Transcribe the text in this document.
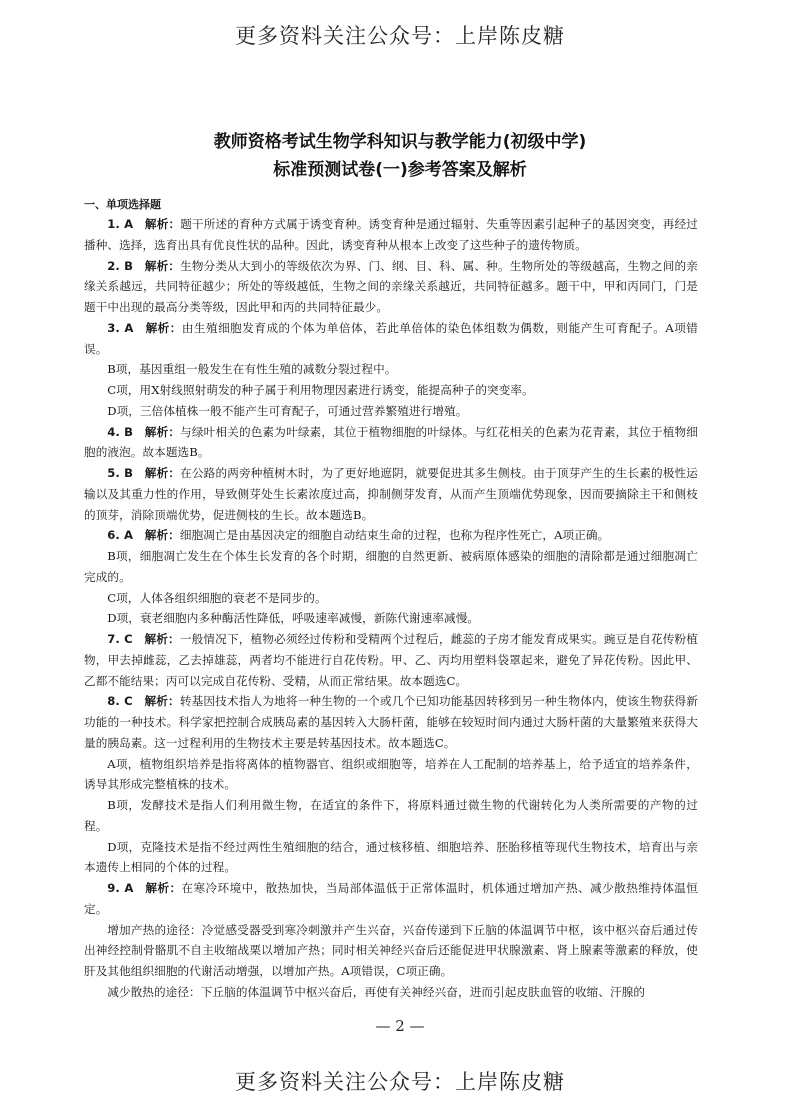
更多资料关注公众号：上岸陈皮糖
教师资格考试生物学科知识与教学能力(初级中学)
标准预测试卷(一)参考答案及解析
一、单项选择题

1. A  解析：题干所述的育种方式属于诱变育种。诱变育种是通过辐射、失重等因素引起种子的基因突变，再经过播种、选择，选育出具有优良性状的品种。因此，诱变育种从根本上改变了这些种子的遗传物质。

2. B  解析：生物分类从大到小的等级依次为界、门、纲、目、科、属、种。生物所处的等级越高，生物之间的亲缘关系越远，共同特征越少；所处的等级越低，生物之间的亲缘关系越近，共同特征越多。题干中，甲和丙同门，门是题干中出现的最高分类等级，因此甲和丙的共同特征最少。

3. A  解析：由生殖细胞发育成的个体为单倍体，若此单倍体的染色体组数为偶数，则能产生可育配子。A项错误。

B项，基因重组一般发生在有性生殖的减数分裂过程中。

C项，用X射线照射萌发的种子属于利用物理因素进行诱变，能提高种子的突变率。

D项，三倍体植株一般不能产生可育配子，可通过营养繁殖进行增殖。

4. B  解析：与绿叶相关的色素为叶绿素，其位于植物细胞的叶绿体。与红花相关的色素为花青素，其位于植物细胞的液泡。故本题选B。

5. B  解析：在公路的两旁种植树木时，为了更好地遮阴，就要促进其多生侧枝。由于顶芽产生的生长素的极性运输以及其重力性的作用，导致侧芽处生长素浓度过高，抑制侧芽发育，从而产生顶端优势现象，因而要摘除主干和侧枝的顶芽，消除顶端优势，促进侧枝的生长。故本题选B。

6. A  解析：细胞凋亡是由基因决定的细胞自动结束生命的过程，也称为程序性死亡，A项正确。

B项，细胞凋亡发生在个体生长发育的各个时期，细胞的自然更新、被病原体感染的细胞的清除都是通过细胞凋亡完成的。

C项，人体各组织细胞的衰老不是同步的。

D项，衰老细胞内多种酶活性降低，呼吸速率减慢，新陈代谢速率减慢。

7. C  解析：一般情况下，植物必须经过传粉和受精两个过程后，雌蕊的子房才能发育成果实。豌豆是自花传粉植物，甲去掉雌蕊，乙去掉雄蕊，两者均不能进行自花传粉。甲、乙、丙均用塑料袋罩起来，避免了异花传粉。因此甲、乙都不能结果；丙可以完成自花传粉、受精，从而正常结果。故本题选C。

8. C  解析：转基因技术指人为地将一种生物的一个或几个已知功能基因转移到另一种生物体内，使该生物获得新功能的一种技术。科学家把控制合成胰岛素的基因转入大肠杆菌，能够在较短时间内通过大肠杆菌的大量繁殖来获得大量的胰岛素。这一过程利用的生物技术主要是转基因技术。故本题选C。

A项，植物组织培养是指将离体的植物器官、组织或细胞等，培养在人工配制的培养基上，给予适宜的培养条件，诱导其形成完整植株的技术。

B项，发酵技术是指人们利用微生物，在适宜的条件下，将原料通过微生物的代谢转化为人类所需要的产物的过程。

D项，克隆技术是指不经过两性生殖细胞的结合，通过核移植、细胞培养、胚胎移植等现代生物技术，培育出与亲本遗传上相同的个体的过程。

9. A  解析：在寒冷环境中，散热加快，当局部体温低于正常体温时，机体通过增加产热、减少散热维持体温恒定。

增加产热的途径：冷觉感受器受到寒冷刺激并产生兴奋，兴奋传递到下丘脑的体温调节中枢，该中枢兴奋后通过传出神经控制骨骼肌不自主收缩战栗以增加产热；同时相关神经兴奋后还能促进甲状腺激素、肾上腺素等激素的释放，使肝及其他组织细胞的代谢活动增强，以增加产热。A项错误，C项正确。

减少散热的途径：下丘脑的体温调节中枢兴奋后，再使有关神经兴奋，进而引起皮肤血管的收缩、汗腺的

— 2 —
更多资料关注公众号：上岸陈皮糖
